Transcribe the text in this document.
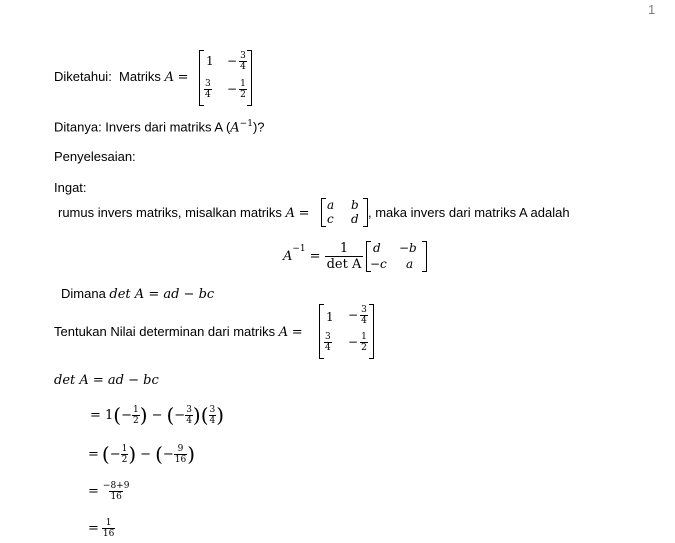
1
Diketahui: Matriks A =
$1 - \frac{3}{4}$
$\frac{3}{4} - \frac{1}{2}$
Ditanya: Invers dari matriks A $(A^{-1})$?
Penyelesaian:
Ingat:
rumus invers matriks, misalkan matriks A =
a b
c d , maka invers dari matriks A adalah
$A^{-1} = \frac{1}{\text{det A}}$ d −b
−c a
Dimana det A = ad − bc
Tentukan Nilai determinan dari matriks A =
$1 - \frac{3}{4}$
$\frac{3}{4} - \frac{1}{2}$
det A = ad − bc
= 1 ( − $\frac{1}{2}$ ) − ( − $\frac{3}{4}$ ) ( $\frac{3}{4}$ )
= ( − $\frac{1}{2}$ ) − ( − $\frac{9}{16}$ )
= $\frac{-8+9}{16}$
= $\frac{1}{16}$
